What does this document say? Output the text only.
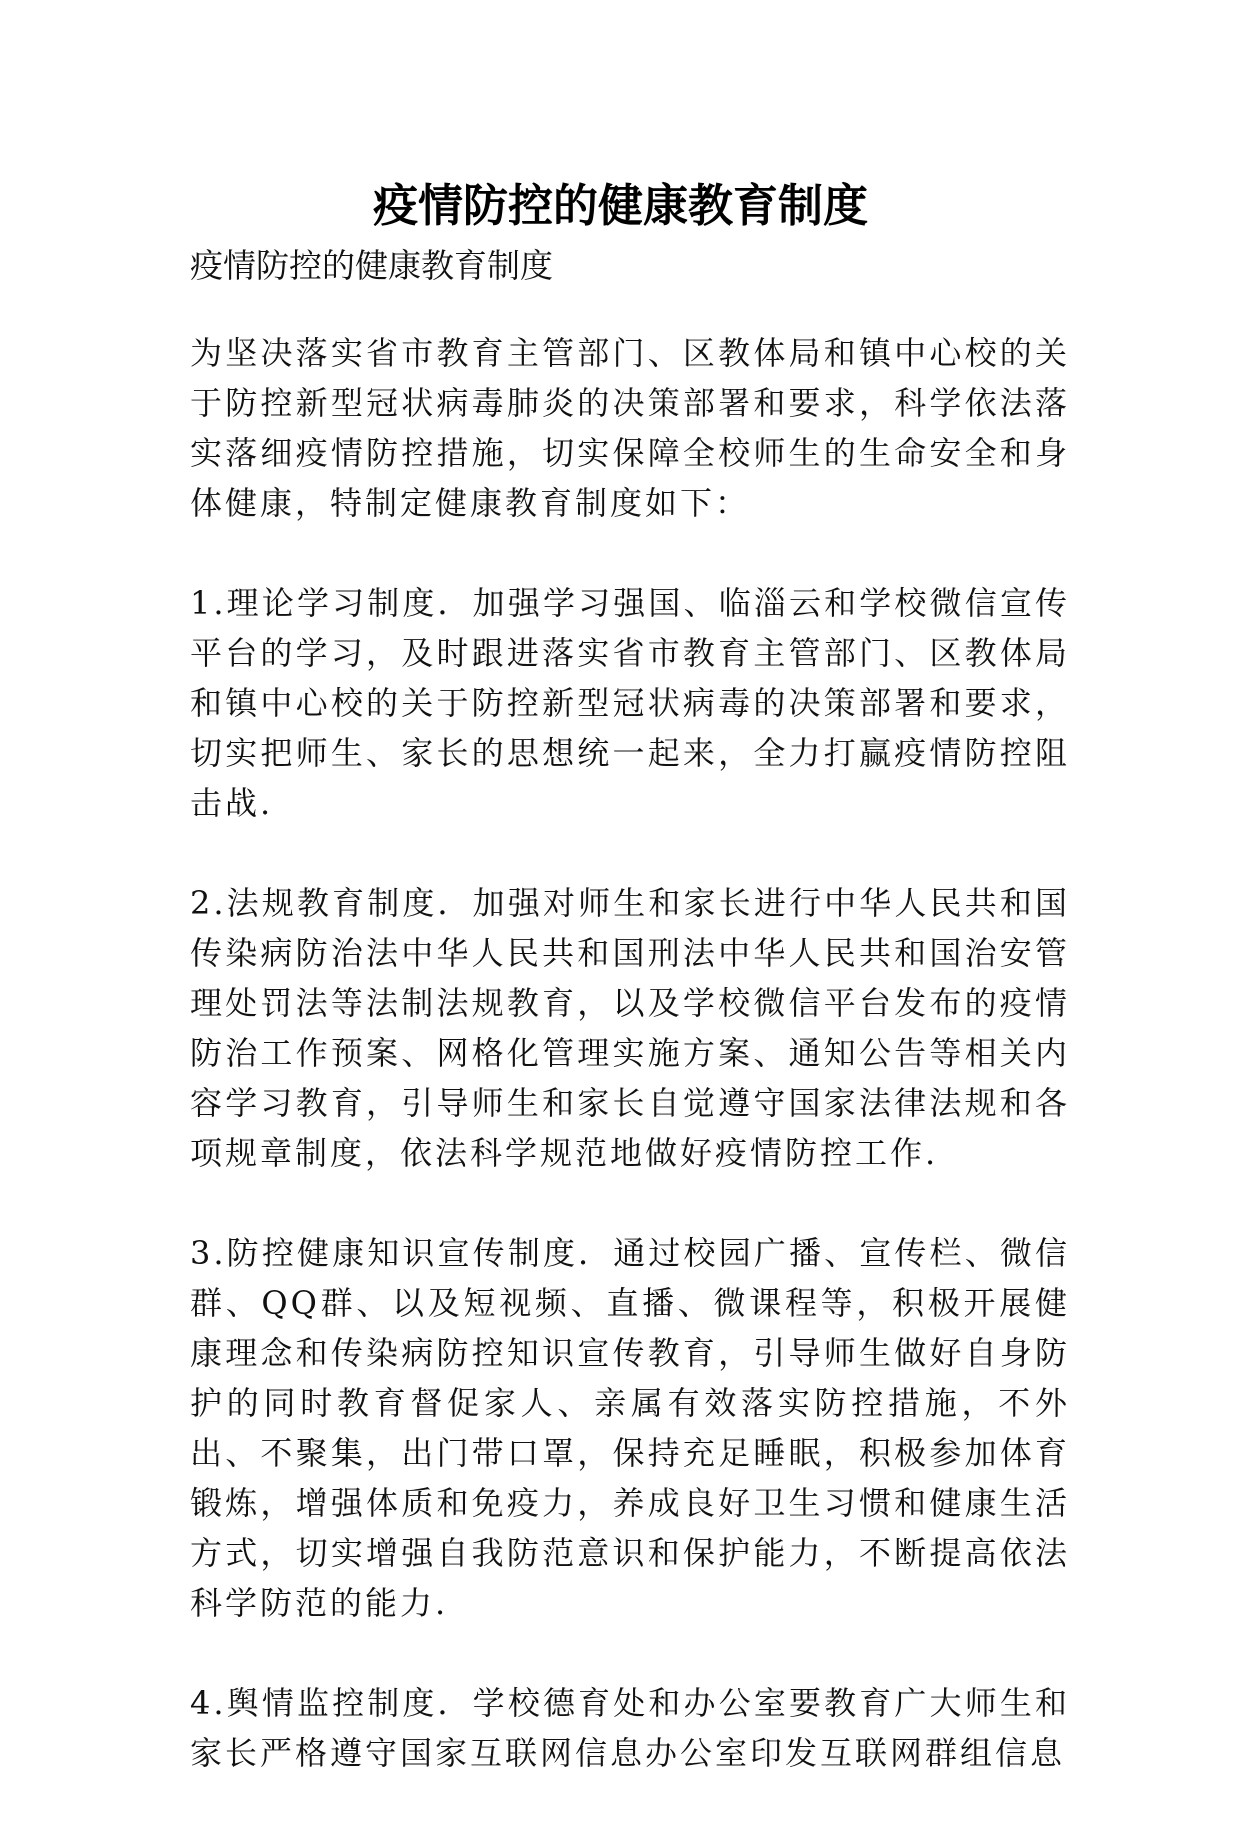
疫情防控的健康教育制度

疫情防控的健康教育制度

为坚决落实省市教育主管部门、区教体局和镇中心校的关于防控新型冠状病毒肺炎的决策部署和要求，科学依法落实落细疫情防控措施，切实保障全校师生的生命安全和身体健康，特制定健康教育制度如下：

1.理论学习制度．加强学习强国、临淄云和学校微信宣传平台的学习，及时跟进落实省市教育主管部门、区教体局和镇中心校的关于防控新型冠状病毒的决策部署和要求，切实把师生、家长的思想统一起来，全力打赢疫情防控阻击战.

2.法规教育制度．加强对师生和家长进行中华人民共和国传染病防治法中华人民共和国刑法中华人民共和国治安管理处罚法等法制法规教育，以及学校微信平台发布的疫情防治工作预案、网格化管理实施方案、通知公告等相关内容学习教育，引导师生和家长自觉遵守国家法律法规和各项规章制度，依法科学规范地做好疫情防控工作.

3.防控健康知识宣传制度．通过校园广播、宣传栏、微信群、QQ群、以及短视频、直播、微课程等，积极开展健康理念和传染病防控知识宣传教育，引导师生做好自身防护的同时教育督促家人、亲属有效落实防控措施，不外出、不聚集，出门带口罩，保持充足睡眠，积极参加体育锻炼，增强体质和免疫力，养成良好卫生习惯和健康生活方式，切实增强自我防范意识和保护能力，不断提高依法科学防范的能力.

4.舆情监控制度．学校德育处和办公室要教育广大师生和家长严格遵守国家互联网信息办公室印发互联网群组信息
